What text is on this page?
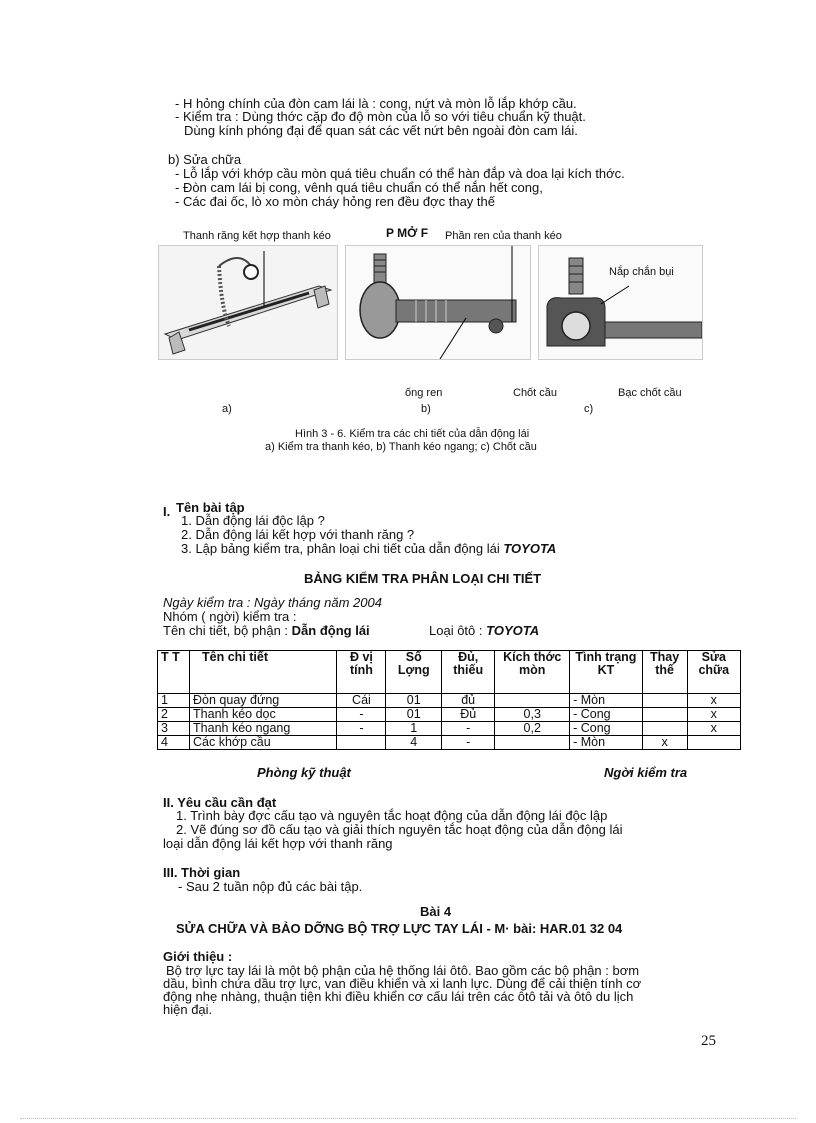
- H hỏng chính của đòn cam lái là : cong, nứt và mòn lỗ lắp khớp cầu.
- Kiểm tra : Dùng thớc cặp đo độ mòn của lỗ so với tiêu chuẩn kỹ thuật.
Dùng kính phóng đại để quan sát các vết nứt bên ngoài đòn cam lái.
b) Sửa chữa
- Lỗ lắp với khớp cầu mòn quá tiêu chuẩn có thể hàn đắp và doa lại kích thớc.
- Đòn cam lái bị cong, vênh quá tiêu chuẩn có thể nắn hết cong,
- Các đai ốc, lò xo mòn cháy hỏng ren đều đợc thay thế
Thanh răng kết hợp thanh kéo	P MỞ F Phần ren của thanh kéo
Nắp chắn bụi
ống ren	Chốt cầu	Bạc chốt cầu
a)	b)	c)
Hình 3 - 6. Kiểm tra các chi tiết của dẫn động lái
a) Kiểm tra thanh kéo, b) Thanh kéo ngang; c) Chốt cầu
I. Tên bài tập
1. Dẫn động lái độc lập ?
2. Dẫn động lái kết hợp với thanh răng ?
3. Lập bảng kiểm tra, phân loại chi tiết của dẫn động lái TOYOTA
BẢNG KIỂM TRA PHÂN LOẠI CHI TIẾT
Ngày kiểm tra : Ngày tháng năm 2004
Nhóm ( ngời) kiểm tra :
Tên chi tiết, bộ phận : Dẫn động lái	Loại ôtô : TOYOTA
T T	Tên chi tiết	Đ vị tính	Số Lợng	Đủ, thiếu	Kích thớc mòn	Tình trạng KT	Thay thế	Sửa chữa
1	Đòn quay đứng	Cái	01	đủ		- Mòn		x
2	Thanh kéo dọc	-	01	Đủ	0,3	- Cong		x
3	Thanh kéo ngang	-	1	-	0,2	- Cong		x
4	Các khớp cầu		4	-		- Mòn	x	
Phòng kỹ thuật	Ngời kiểm tra
II. Yêu cầu cần đạt
1. Trình bày đợc cấu tạo và nguyên tắc hoạt động của dẫn động lái độc lập
2. Vẽ đúng sơ đồ cấu tạo và giải thích nguyên tắc hoạt động của dẫn động lái
loại dẫn động lái kết hợp với thanh răng
III. Thời gian
- Sau 2 tuần nộp đủ các bài tập.
Bài 4
SỬA CHỮA VÀ BẢO DỠNG BỘ TRỢ LỰC TAY LÁI - M· bài: HAR.01 32 04
Giới thiệu :
Bộ trợ lực tay lái là một bộ phận của hệ thống lái ôtô. Bao gồm các bộ phận : bơm
dầu, bình chứa dầu trợ lực, van điều khiển và xi lanh lực. Dùng để cải thiện tính cơ
động nhẹ nhàng, thuận tiện khi điều khiển cơ cấu lái trên các ôtô tải và ôtô du lịch
hiện đại.
25
